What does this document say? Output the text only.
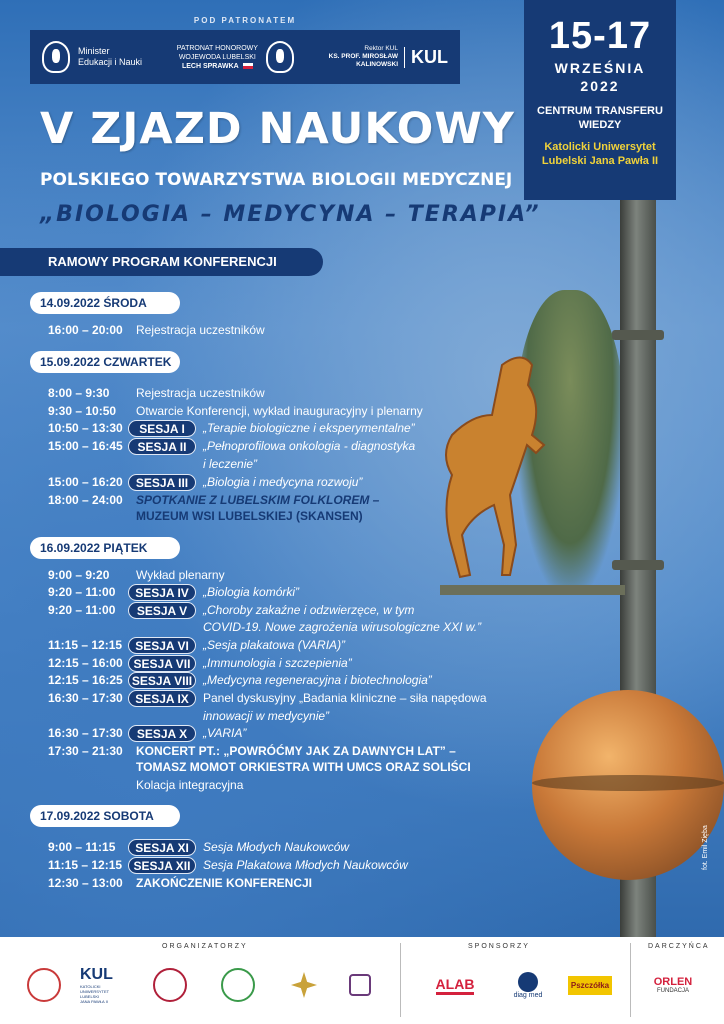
POD PATRONATEM
Minister
Edukacji i Nauki
PATRONAT HONOROWY
WOJEWODA LUBELSKI
LECH SPRAWKA
Rektor KUL
KS. PROF. MIROSŁAW
KALINOWSKI KUL	15-17
WRZEŚNIA
2022
CENTRUM TRANSFERU
WIEDZY
Katolicki Uniwersytet
Lubelski Jana Pawła II
V ZJAZD NAUKOWY
POLSKIEGO TOWARZYSTWA BIOLOGII MEDYCZNEJ
„BIOLOGIA – MEDYCYNA – TERAPIA”
RAMOWY PROGRAM KONFERENCJI
14.09.2022 ŚRODA
16:00 – 20:00	Rejestracja uczestników
15.09.2022 CZWARTEK
8:00 – 9:30	Rejestracja uczestników
9:30 – 10:50	Otwarcie Konferencji, wykład inauguracyjny i plenarny
10:50 – 13:30	SESJA I	„Terapie biologiczne i eksperymentalne”
15:00 – 16:45	SESJA II	„Pełnoprofilowa onkologia - diagnostyka
i leczenie”
15:00 – 16:20	SESJA III	„Biologia i medycyna rozwoju”
18:00 – 24:00	SPOTKANIE Z LUBELSKIM FOLKLOREM –
MUZEUM WSI LUBELSKIEJ (SKANSEN)
16.09.2022 PIĄTEK
9:00 – 9:20	Wykład plenarny
9:20 – 11:00	SESJA IV	„Biologia komórki”
9:20 – 11:00	SESJA V	„Choroby zakaźne i odzwierzęce, w tym
COVID-19. Nowe zagrożenia wirusologiczne XXI w.”
11:15 – 12:15	SESJA VI	„Sesja plakatowa (VARIA)”
12:15 – 16:00 SESJA VII	„Immunologia i szczepienia”
12:15 – 16:25 SESJA VIII „Medycyna regeneracyjna i biotechnologia”
16:30 – 17:30	SESJA IX	Panel dyskusyjny „Badania kliniczne – siła napędowa
innowacji w medycynie”
16:30 – 17:30	SESJA X	„VARIA”
17:30 – 21:30	KONCERT PT.: „POWRÓĆMY JAK ZA DAWNYCH LAT” –
TOMASZ MOMOT ORKIESTRA WITH UMCS ORAZ SOLIŚCI
Kolacja integracyjna
17.09.2022 SOBOTA
9:00 – 11:15	SESJA XI	Sesja Młodych Naukowców
11:15 – 12:15 SESJA XII	Sesja Plakatowa Młodych Naukowców
12:30 – 13:00	ZAKOŃCZENIE KONFERENCJI
fot. Emil Zięba
ORGANIZATORZY	SPONSORZY	DARCZYŃCA
KUL
KATOLICKI
UNIWERSYTET
LUBELSKI
JANA PAWŁA II
ALAB
diag med
Pszczółka	ORLEN
FUNDACJA
